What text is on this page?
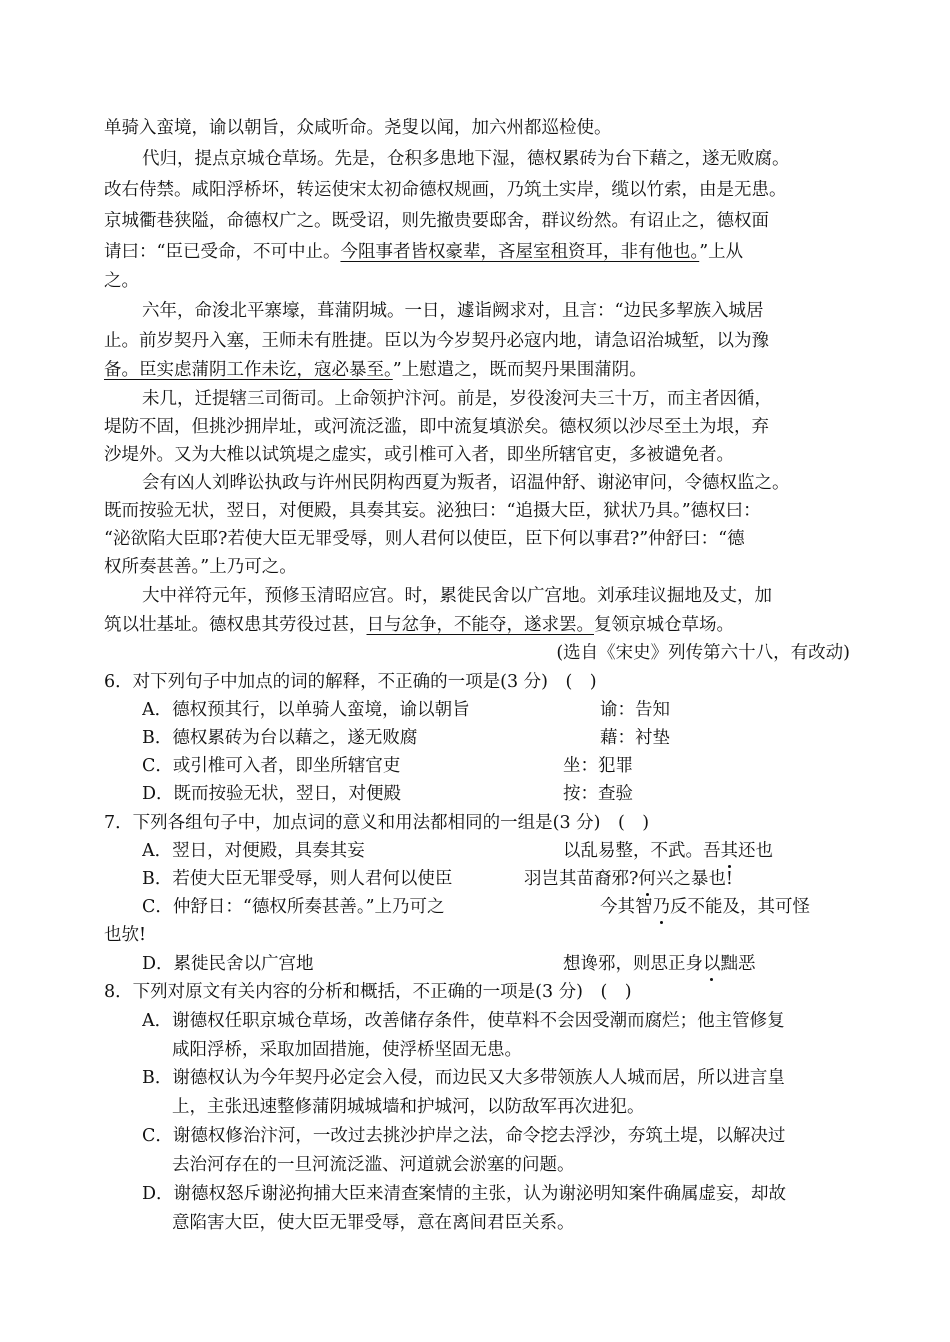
单骑入蛮境，谕以朝旨，众咸听命。尧叟以闻，加六州都巡检使。
代归，提点京城仓草场。先是，仓积多患地下湿，德权累砖为台下藉之，遂无败腐。
改右侍禁。咸阳浮桥坏，转运使宋太初命德权规画，乃筑土实岸，缆以竹索，由是无患。
京城衢巷狭隘，命德权广之。既受诏，则先撤贵要邸舍，群议纷然。有诏止之，德权面
请曰：“臣已受命，不可中止。今阻事者皆权豪辈，吝屋室租资耳，非有他也。”上从
之。
六年，命浚北平寨壕，葺蒲阴城。一日，遽诣阙求对，且言：“边民多挈族入城居
止。前岁契丹入塞，王师未有胜捷。臣以为今岁契丹必寇内地，请急诏治城堑，以为豫
备。臣实虑蒲阴工作未讫，寇必暴至。”上慰遣之，既而契丹果围蒲阴。
未几，迁提辖三司衙司。上命领护汴河。前是，岁役浚河夫三十万，而主者因循，
堤防不固，但挑沙拥岸址，或河流泛滥，即中流复填淤矣。德权须以沙尽至土为垠，弃
沙堤外。又为大椎以试筑堤之虚实，或引椎可入者，即坐所辖官吏，多被谴免者。
会有凶人刘晔讼执政与许州民阴构西夏为叛者，诏温仲舒、谢泌审问，令德权监之。
既而按验无状，翌日，对便殿，具奏其妄。泌独曰：“追摄大臣，狱状乃具。”德权曰：
“泌欲陷大臣耶?若使大臣无罪受辱，则人君何以使臣，臣下何以事君?”仲舒曰：“德
权所奏甚善。”上乃可之。
大中祥符元年，预修玉清昭应宫。时，累徙民舍以广宫地。刘承珪议掘地及丈，加
筑以壮基址。德权患其劳役过甚，日与忿争，不能夺，遂求罢。复领京城仓草场。
(选自《宋史》列传第六十八，有改动)
6．对下列句子中加点的词的解释，不正确的一项是(3 分)　(　)
A．德权预其行，以单骑人蛮境，谕以朝旨	谕：告知
B．德权累砖为台以藉之，遂无败腐	藉：衬垫
C．或引椎可入者，即坐所辖官吏	坐：犯罪
D．既而按验无状，翌日，对便殿	按：查验
7．下列各组句子中，加点词的意义和用法都相同的一组是(3 分)　(　)
A．翌日，对便殿，具奏其妄	以乱易整，不武。吾其还也
B．若使大臣无罪受辱，则人君何以使臣	羽岂其苗裔邪?何兴之暴也!
C．仲舒日：“德权所奏甚善。”上乃可之	今其智乃反不能及，其可怪
也欤!
D．累徙民舍以广宫地	想谗邪，则思正身以黜恶
8．下列对原文有关内容的分析和概括，不正确的一项是(3 分)　(　)
A．谢德权任职京城仓草场，改善储存条件，使草料不会因受潮而腐烂；他主管修复
咸阳浮桥，采取加固措施，使浮桥坚固无患。
B．谢德权认为今年契丹必定会入侵，而边民又大多带领族人人城而居，所以进言皇
上，主张迅速整修蒲阴城城墙和护城河，以防敌军再次进犯。
C．谢德权修治汴河，一改过去挑沙护岸之法，命令挖去浮沙，夯筑土堤，以解决过
去治河存在的一旦河流泛滥、河道就会淤塞的问题。
D．谢德权怒斥谢泌拘捕大臣来清查案情的主张，认为谢泌明知案件确属虚妄，却故
意陷害大臣，使大臣无罪受辱，意在离间君臣关系。
